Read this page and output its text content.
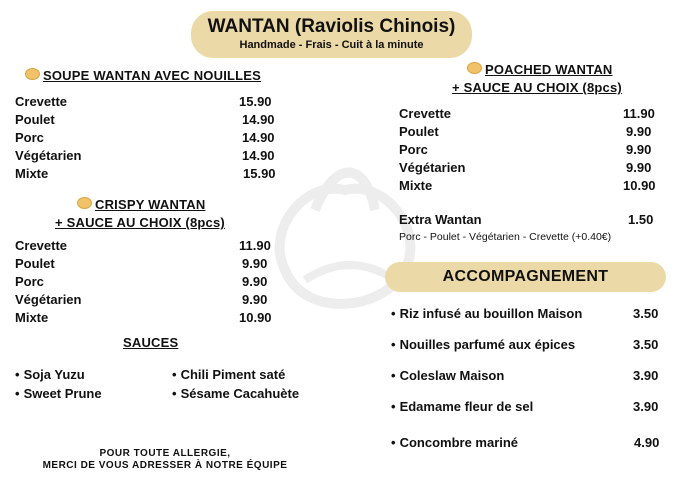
WANTAN (Raviolis Chinois)
Handmade - Frais - Cuit à la minute
SOUPE WANTAN AVEC NOUILLES
Crevette	15.90
Poulet	14.90
Porc	14.90
Végétarien	14.90
Mixte	15.90
CRISPY WANTAN
+ SAUCE AU CHOIX (8pcs)
Crevette	11.90
Poulet	9.90
Porc	9.90
Végétarien	9.90
Mixte	10.90
SAUCES
• Soja Yuzu
• Sweet Prune
• Chili Piment saté
• Sésame Cacahuète
POUR TOUTE ALLERGIE,
MERCI DE VOUS ADRESSER À NOTRE ÉQUIPE
POACHED WANTAN
+ SAUCE AU CHOIX (8pcs)
Crevette	11.90
Poulet	9.90
Porc	9.90
Végétarien	9.90
Mixte	10.90
Extra Wantan	1.50
Porc - Poulet - Végétarien - Crevette (+0.40€)
ACCOMPAGNEMENT
• Riz infusé au bouillon Maison	3.50
• Nouilles parfumé aux épices	3.50
• Coleslaw Maison	3.90
• Edamame fleur de sel	3.90
• Concombre mariné	4.90
